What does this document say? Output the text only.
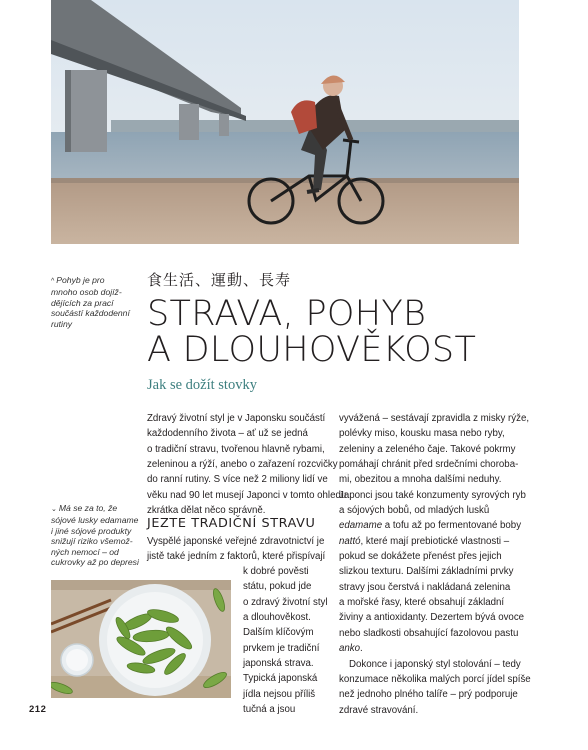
^ Pohyb je pro
mnoho osob dojíž-
dějících za prací
součástí každodenní
rutiny
食生活、運動、長寿
STRAVA, POHYB
A DLOUHOVĚKOST
Jak se dožít stovky
Zdravý životní styl je v Japonsku součástí
každodenního života – ať už se jedná
o tradiční stravu, tvořenou hlavně rybami,
zeleninou a rýží, anebo o zařazení rozcvičky
do ranní rutiny. S více než 2 miliony lidí ve
věku nad 90 let musejí Japonci v tomto ohledu
zkrátka dělat něco správně.
⌄ Má se za to, že
sójové lusky edamame
i jiné sójové produkty
snižují riziko všemož-
ných nemocí – od
cukrovky až po depresi
JEZTE TRADIČNÍ STRAVU
Vyspělé japonské veřejné zdravotnictví je
jistě také jedním z faktorů, které přispívají
k dobré pověsti
státu, pokud jde
o zdravý životní styl
a dlouhověkost.
Dalším klíčovým
prvkem je tradiční
japonská strava.
Typická japonská
jídla nejsou příliš
tučná a jsou
vyvážená – sestávají zpravidla z misky rýže,
polévky miso, kousku masa nebo ryby,
zeleniny a zeleného čaje. Takové pokrmy
pomáhají chránit před srdečními choroba-
mi, obezitou a mnoha dalšími neduhy.
Japonci jsou také konzumenty syrových ryb
a sójových bobů, od mladých lusků
edamame a tofu až po fermentované boby
nattó, které mají prebiotické vlastnosti –
pokud se dokážete přenést přes jejich
slizkou texturu. Dalšími základními prvky
stravy jsou čerstvá i nakládaná zelenina
a mořské řasy, které obsahují základní
živiny a antioxidanty. Dezertem bývá ovoce
nebo sladkosti obsahující fazolovou pastu
anko.
Dokonce i japonský styl stolování – tedy
konzumace několika malých porcí jídel spíše
než jednoho plného talíře – prý podporuje
zdravé stravování.
212
